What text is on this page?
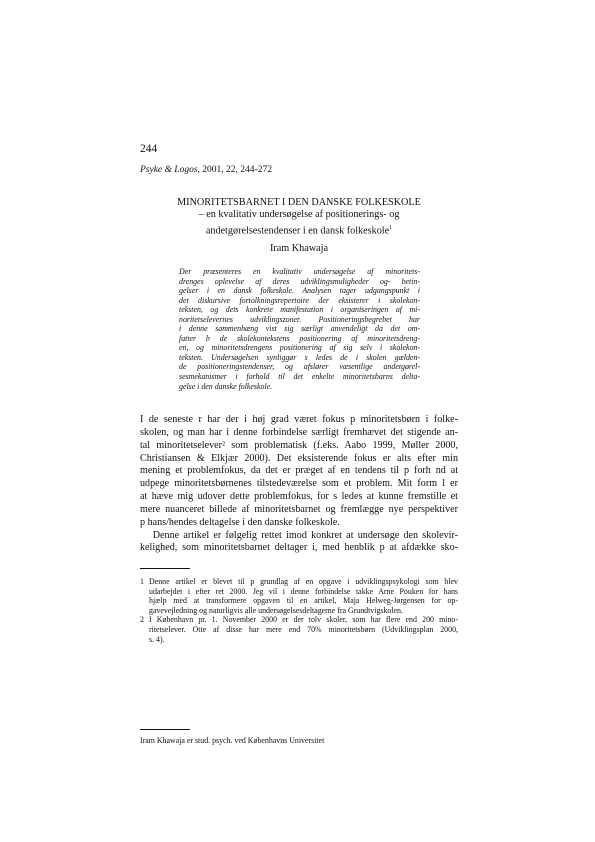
244
Psyke & Logos, 2001, 22, 244-272
MINORITETSBARNET I DEN DANSKE FOLKESKOLE
– en kvalitativ undersøgelse af positionerings- og
andetgørelsestendenser i en dansk folkeskole$^1$
Iram Khawaja
Der præsenteres en kvalitativ undersøgelse af minoritets-
drenges oplevelse af deres udviklingsmuligheder og- betin-
gelser i en dansk folkeskole. Analysen tager udgangspunkt i
det diskursive fortolkningsrepertoire der eksisterer i skolekon-
teksten, og dets konkrete manifestation i organiseringen af mi-
noritetselevernes udviklingszoner. Positioneringsbegrebet har
i denne sammenhæng vist sig særligt anvendeligt da det om-
fatter b de skolekontekstens positionering af minoritetsdreng-
en, og minoritetsdrengens positionering af sig selv i skolekon-
teksten. Undersøgelsen synliggør s ledes de i skolen gælden-
de positioneringstendenser, og afslører væsentlige andetgørel-
sesmekanismer i forhold til det enkelte minoritetsbarns delta-
gelse i den danske folkeskole.
I de seneste r har der i høj grad været fokus p minoritetsbørn i folke-
skolen, og man har i denne forbindelse særligt fremhævet det stigende an-
tal minoritetselever² som problematisk (f.eks. Aabo 1999, Møller 2000,
Christiansen & Elkjær 2000). Det eksisterende fokus er alts efter min
mening et problemfokus, da det er præget af en tendens til p forh nd at
udpege minoritetsbørnenes tilstedeværelse som et problem. Mit form l er
at hæve mig udover dette problemfokus, for s ledes at kunne fremstille et
mere nuanceret billede af minoritetsbarnet og fremlægge nye perspektiver
p hans/hendes deltagelse i den danske folkeskole.
Denne artikel er følgelig rettet imod konkret at undersøge den skolevir-
kelighed, som minoritetsbarnet deltager i, med henblik p at afdække sko-
1 Denne artikel er blevet til p grundlag af en opgave i udviklingspsykologi som blev
udarbejdet i efter ret 2000. Jeg vil i denne forbindelse takke Arne Pouken for hans
hjælp med at transformere opgaven til en artikel, Maja Helweg-Jørgensen for op-
gavevejledning og naturligvis alle undersøgelsesdeltagerne fra Grundtvigskolen.
2 I København pr. 1. November 2000 er der tolv skoler, som har flere end 200 mino-
ritetselever. Otte af disse har mere end 70% minoritetsbørn (Udviklingsplan 2000,
s. 4).
Iram Khawaja er stud. psych. ved Københavns Universitet
